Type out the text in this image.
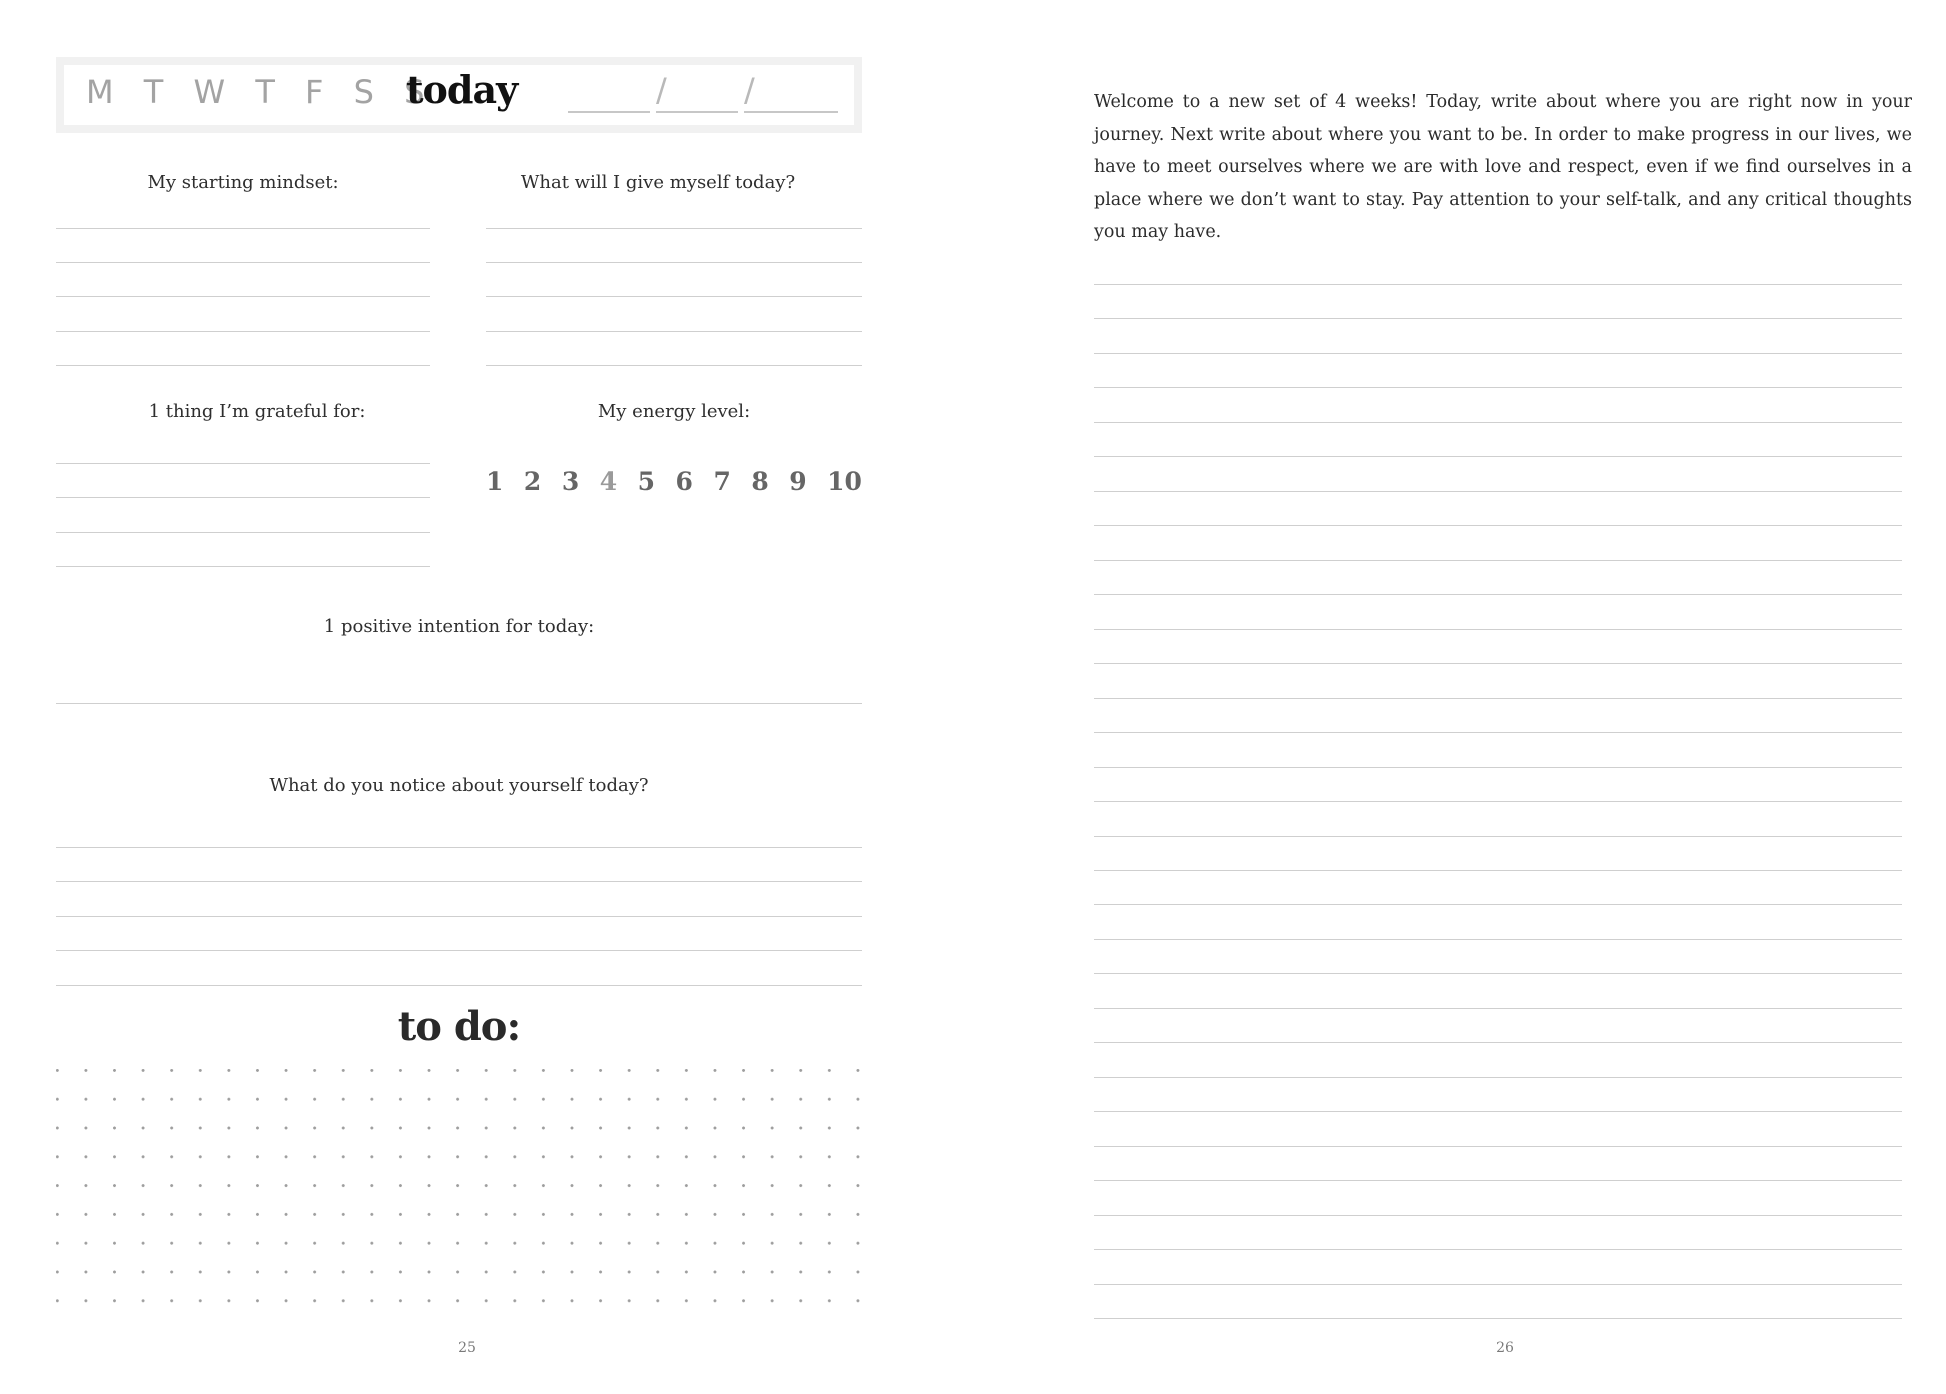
M T W T F S S
today	/ /
My starting mindset:	What will I give myself today?
1 thing I’m grateful for:	My energy level:
1 2 3 4 5 6 7 8 9 10
1 positive intention for today:
What do you notice about yourself today?
to do:
25
Welcome to a new set of 4 weeks! Today, write about where you are right now in your journey. Next write about where you want to be. In order to make progress in our lives, we have to meet ourselves where we are with love and respect, even if we find ourselves in a place where we don’t want to stay. Pay attention to your self-talk, and any critical thoughts you may have.
26
